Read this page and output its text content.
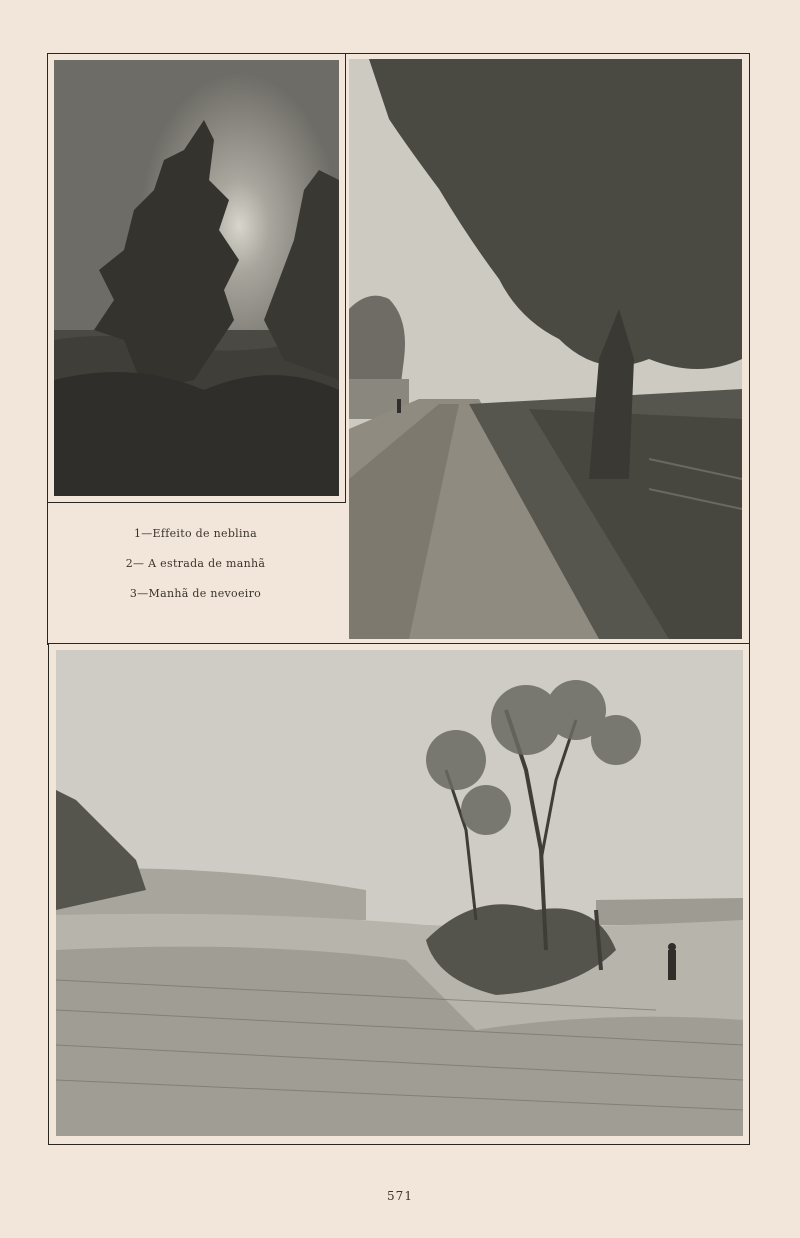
1—Effeito de neblina
2— A estrada de manhã
3—Manhã de nevoeiro
571
